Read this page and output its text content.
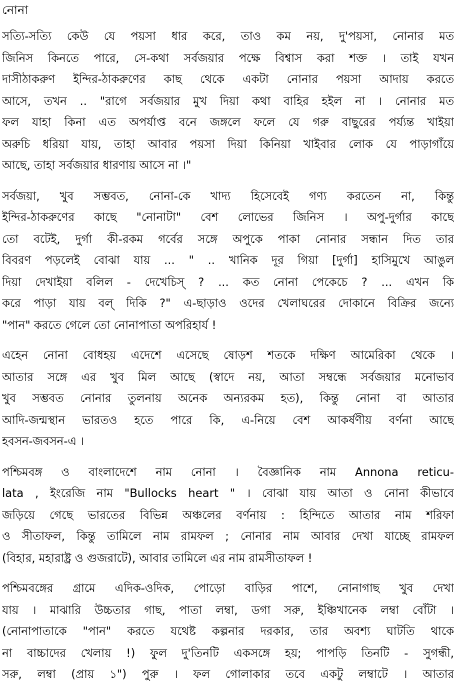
নোনা
সত্যি-সত্যি কেউ যে পয়সা ধার করে, তাও কম নয়, দু'পয়সা, নোনার মত
জিনিস কিনতে পারে, সে-কথা সর্বজয়ার পক্ষে বিশ্বাস করা শক্ত । তাই যখন
দাসীঠাকরুণ ইন্দির-ঠাকরুণের কাছ থেকে একটা নোনার পয়সা আদায় করতে
আসে, তখন .. "রাগে সর্বজয়ার মুখ দিয়া কথা বাহির হইল না । নোনার মত
ফল যাহা কিনা এত অপর্যাপ্ত বনে জঙ্গলে ফলে যে গরু বাছুরের পর্য্যন্ত খাইয়া
অরুচি ধরিয়া যায়, তাহা আবার পয়সা দিয়া কিনিয়া খাইবার লোক যে পাড়াগাঁয়ে
আছে, তাহা সর্বজয়ার ধারণায় আসে না ।"
সর্বজয়া, খুব সম্ভবত, নোনা-কে খাদ্য হিসেবেই গণ্য করতেন না, কিন্তু
ইন্দির-ঠাকরুণের কাছে "নোনাটা" বেশ লোভের জিনিস । অপু-দুর্গার কাছে
তো বটেই, দুর্গা কী-রকম গর্বের সঙ্গে অপুকে পাকা নোনার সন্ধান দিত তার
বিবরণ পড়লেই বোঝা যায় ... " .. খানিক দূর গিয়া [দুর্গা] হাসিমুখে আঙুল
দিয়া দেখাইয়া বলিল - দেখেচিস্ ? ... কত নোনা পেকেচে ? ... এখন কি
করে পাড়া যায় বল্ দিকি ?" এ-ছাড়াও ওদের খেলাঘরের দোকানে বিক্রির জন্যে
"পান" করতে গেলে তো নোনাপাতা অপরিহার্য !
এহেন নোনা বোধহয় এদেশে এসেছে ষোড়শ শতকে দক্ষিণ আমেরিকা থেকে ।
আতার সঙ্গে এর খুব মিল আছে (স্বাদে নয়, আতা সম্বন্ধে সর্বজয়ার মনোভাব
খুব সম্ভবত নোনার তুলনায় অনেক অন্যরকম হত), কিন্তু নোনা বা আতার
আদি-জন্মস্থান ভারতও হতে পারে কি, এ-নিয়ে বেশ আকর্ষণীয় বর্ণনা আছে
হবসন-জবসন-এ ।
পশ্চিমবঙ্গ ও বাংলাদেশে নাম নোনা । বৈজ্ঞানিক নাম Annona reticu-
lata , ইংরেজি নাম "Bullocks heart " । বোঝা যায় আতা ও নোনা কীভাবে
জড়িয়ে গেছে ভারতের বিভিন্ন অঞ্চলের বর্ণনায় : হিন্দিতে আতার নাম শরিফা
ও সীতাফল, কিন্তু তামিলে নাম রামফল ; নোনার নাম আবার দেখা যাচ্ছে রামফল
(বিহার, মহারাষ্ট্র ও গুজরাটে), আবার তামিলে এর নাম রামসীতাফল !
পশ্চিমবঙ্গের গ্রামে এদিক-ওদিক, পোড়ো বাড়ির পাশে, নোনাগাছ খুব দেখা
যায় । মাঝারি উচ্চতার গাছ, পাতা লম্বা, ডগা সরু, ইঞ্চিখানেক লম্বা বোঁটা ।
(নোনাপাতাকে "পান" করতে যথেষ্ট কল্পনার দরকার, তার অবশ্য ঘাটতি থাকে
না বাচ্চাদের খেলায় !) ফুল দু'তিনটি একসঙ্গে হয়; পাপড়ি তিনটি - সুগন্ধী,
সরু, লম্বা (প্রায় ১") পুরু । ফল গোলাকার তবে একটু লম্বাটে । আতার
